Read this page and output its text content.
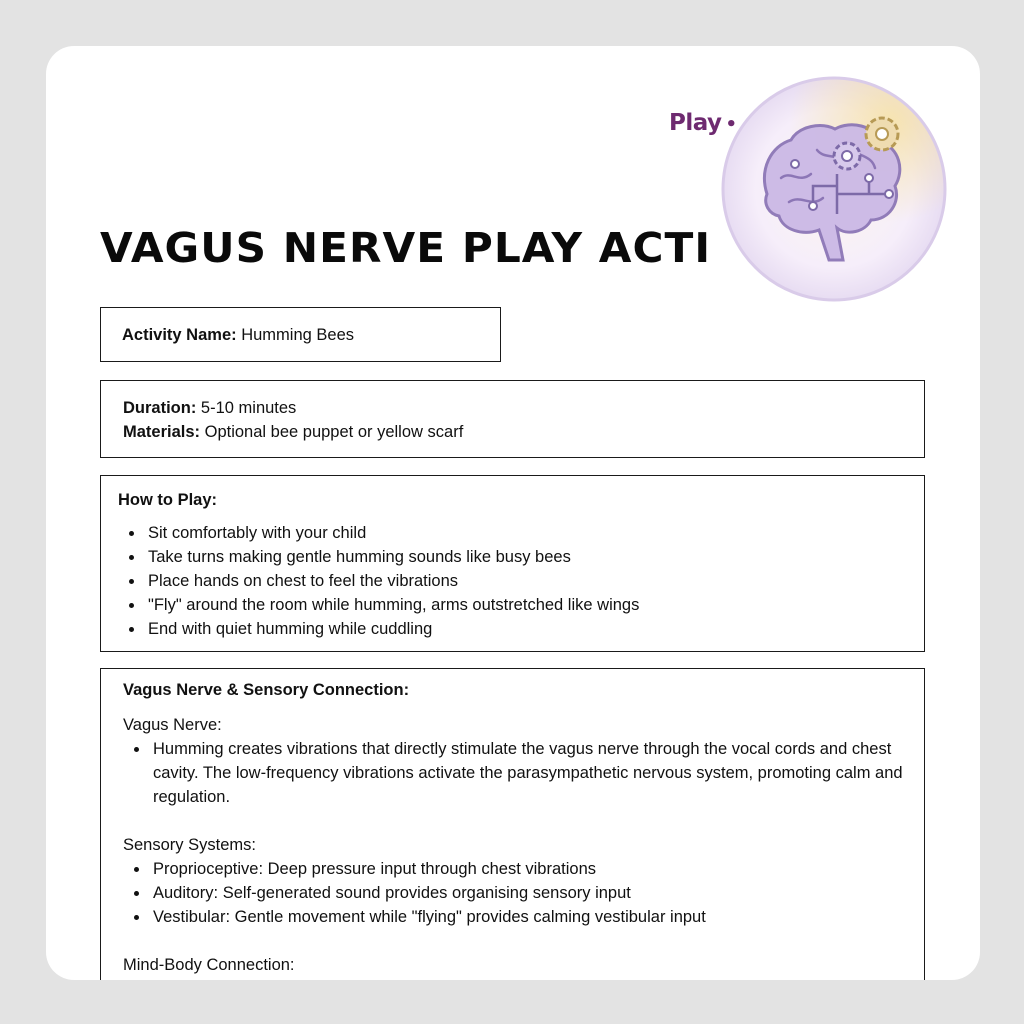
Play •
VAGUS NERVE PLAY ACTI
Activity Name: Humming Bees
Duration: 5-10 minutes
Materials: Optional bee puppet or yellow scarf
How to Play:
Sit comfortably with your child
Take turns making gentle humming sounds like busy bees
Place hands on chest to feel the vibrations
"Fly" around the room while humming, arms outstretched like wings
End with quiet humming while cuddling
Vagus Nerve & Sensory Connection:
Vagus Nerve:
Humming creates vibrations that directly stimulate the vagus nerve through the vocal cords and chest cavity. The low-frequency vibrations activate the parasympathetic nervous system, promoting calm and regulation.
Sensory Systems:
Proprioceptive: Deep pressure input through chest vibrations
Auditory: Self-generated sound provides organising sensory input
Vestibular: Gentle movement while "flying" provides calming vestibular input
Mind-Body Connection:
